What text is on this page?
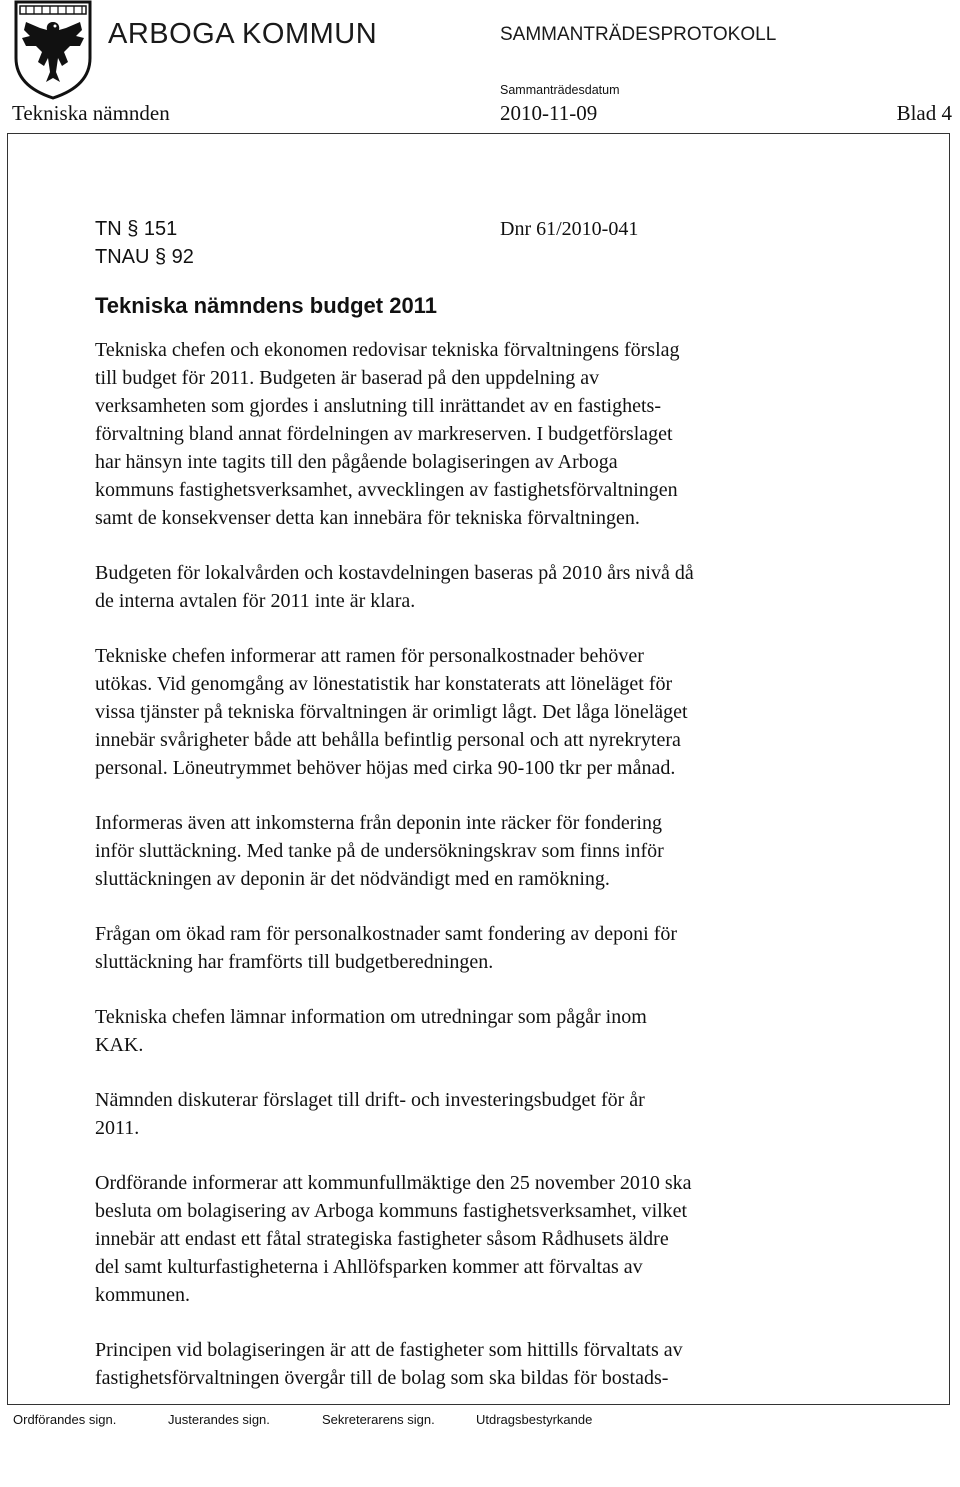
ARBOGA KOMMUN	SAMMANTRÄDESPROTOKOLL
Sammanträdesdatum
Tekniska nämnden	2010-11-09	Blad 4
TN § 151
TNAU § 92
Dnr 61/2010-041
Tekniska nämndens budget 2011
Tekniska chefen och ekonomen redovisar tekniska förvaltningens förslag
till budget för 2011. Budgeten är baserad på den uppdelning av
verksamheten som gjordes i anslutning till inrättandet av en fastighets-
förvaltning bland annat fördelningen av markreserven. I budgetförslaget
har hänsyn inte tagits till den pågående bolagiseringen av Arboga
kommuns fastighetsverksamhet, avvecklingen av fastighetsförvaltningen
samt de konsekvenser detta kan innebära för tekniska förvaltningen.
Budgeten för lokalvården och kostavdelningen baseras på 2010 års nivå då
de interna avtalen för 2011 inte är klara.
Tekniske chefen informerar att ramen för personalkostnader behöver
utökas. Vid genomgång av lönestatistik har konstaterats att löneläget för
vissa tjänster på tekniska förvaltningen är orimligt lågt. Det låga löneläget
innebär svårigheter både att behålla befintlig personal och att nyrekrytera
personal. Löneutrymmet behöver höjas med cirka 90-100 tkr per månad.
Informeras även att inkomsterna från deponin inte räcker för fondering
inför sluttäckning. Med tanke på de undersökningskrav som finns inför
sluttäckningen av deponin är det nödvändigt med en ramökning.
Frågan om ökad ram för personalkostnader samt fondering av deponi för
sluttäckning har framförts till budgetberedningen.
Tekniska chefen lämnar information om utredningar som pågår inom
KAK.
Nämnden diskuterar förslaget till drift- och investeringsbudget för år
2011.
Ordförande informerar att kommunfullmäktige den 25 november 2010 ska
besluta om bolagisering av Arboga kommuns fastighetsverksamhet, vilket
innebär att endast ett fåtal strategiska fastigheter såsom Rådhusets äldre
del samt kulturfastigheterna i Ahllöfsparken kommer att förvaltas av
kommunen.
Principen vid bolagiseringen är att de fastigheter som hittills förvaltats av
fastighetsförvaltningen övergår till de bolag som ska bildas för bostads-
Ordförandes sign.	Justerandes sign.	Sekreterarens sign.	Utdragsbestyrkande
